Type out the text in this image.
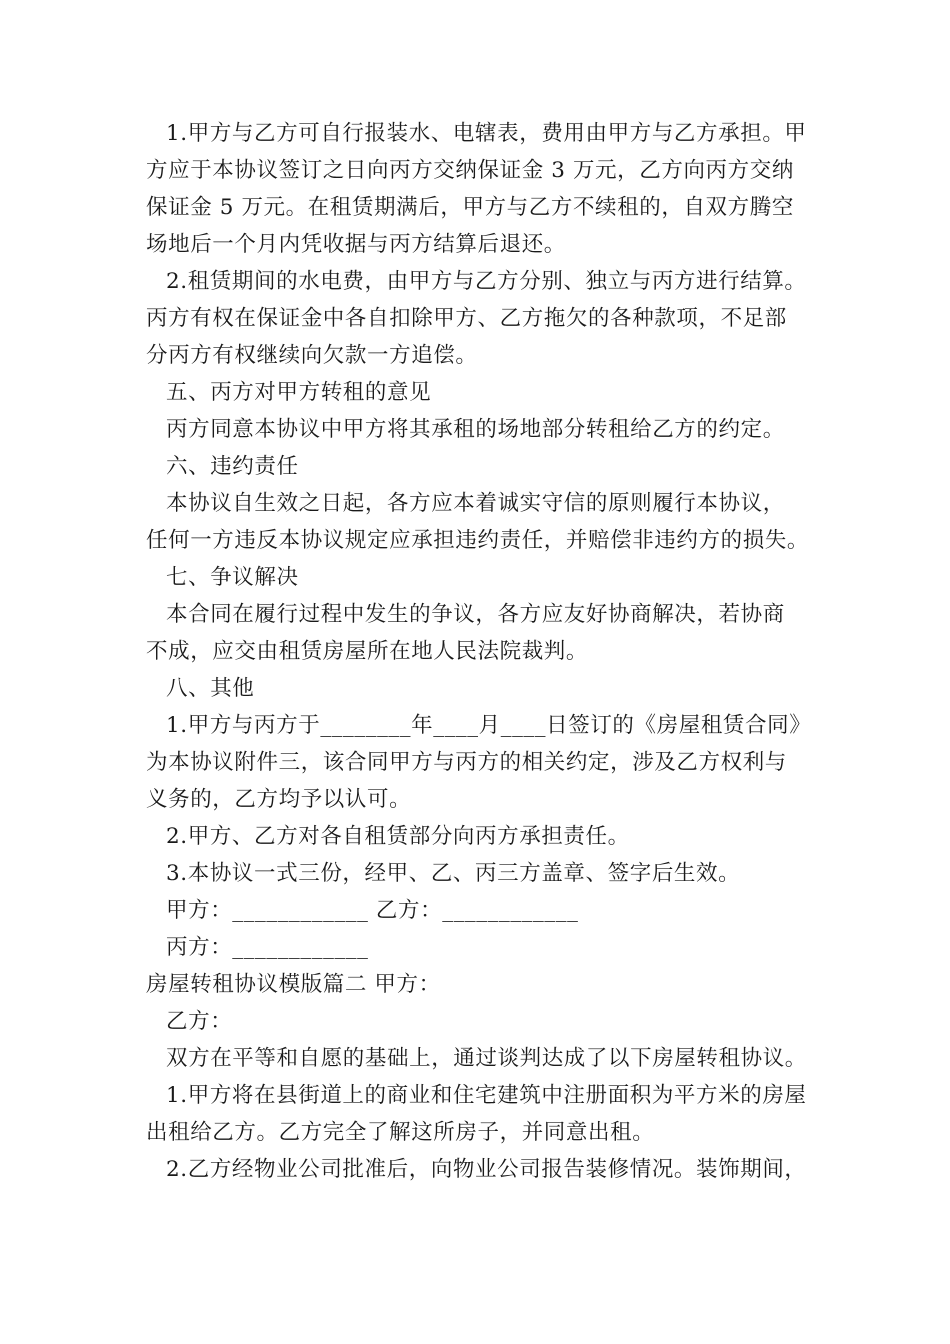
1.甲方与乙方可自行报装水、电辖表，费用由甲方与乙方承担。甲
方应于本协议签订之日向丙方交纳保证金 3 万元，乙方向丙方交纳
保证金 5 万元。在租赁期满后，甲方与乙方不续租的，自双方腾空
场地后一个月内凭收据与丙方结算后退还。
2.租赁期间的水电费，由甲方与乙方分别、独立与丙方进行结算。
丙方有权在保证金中各自扣除甲方、乙方拖欠的各种款项，不足部
分丙方有权继续向欠款一方追偿。
五、丙方对甲方转租的意见
丙方同意本协议中甲方将其承租的场地部分转租给乙方的约定。
六、违约责任
本协议自生效之日起，各方应本着诚实守信的原则履行本协议，
任何一方违反本协议规定应承担违约责任，并赔偿非违约方的损失。
七、争议解决
本合同在履行过程中发生的争议，各方应友好协商解决，若协商
不成，应交由租赁房屋所在地人民法院裁判。
八、其他
1.甲方与丙方于________年____月____日签订的《房屋租赁合同》
为本协议附件三，该合同甲方与丙方的相关约定，涉及乙方权利与
义务的，乙方均予以认可。
2.甲方、乙方对各自租赁部分向丙方承担责任。
3.本协议一式三份，经甲、乙、丙三方盖章、签字后生效。
甲方：____________ 乙方：____________
丙方：____________
房屋转租协议模版篇二 甲方：
乙方：
双方在平等和自愿的基础上，通过谈判达成了以下房屋转租协议。
1.甲方将在县街道上的商业和住宅建筑中注册面积为平方米的房屋
出租给乙方。乙方完全了解这所房子，并同意出租。
2.乙方经物业公司批准后，向物业公司报告装修情况。装饰期间，
